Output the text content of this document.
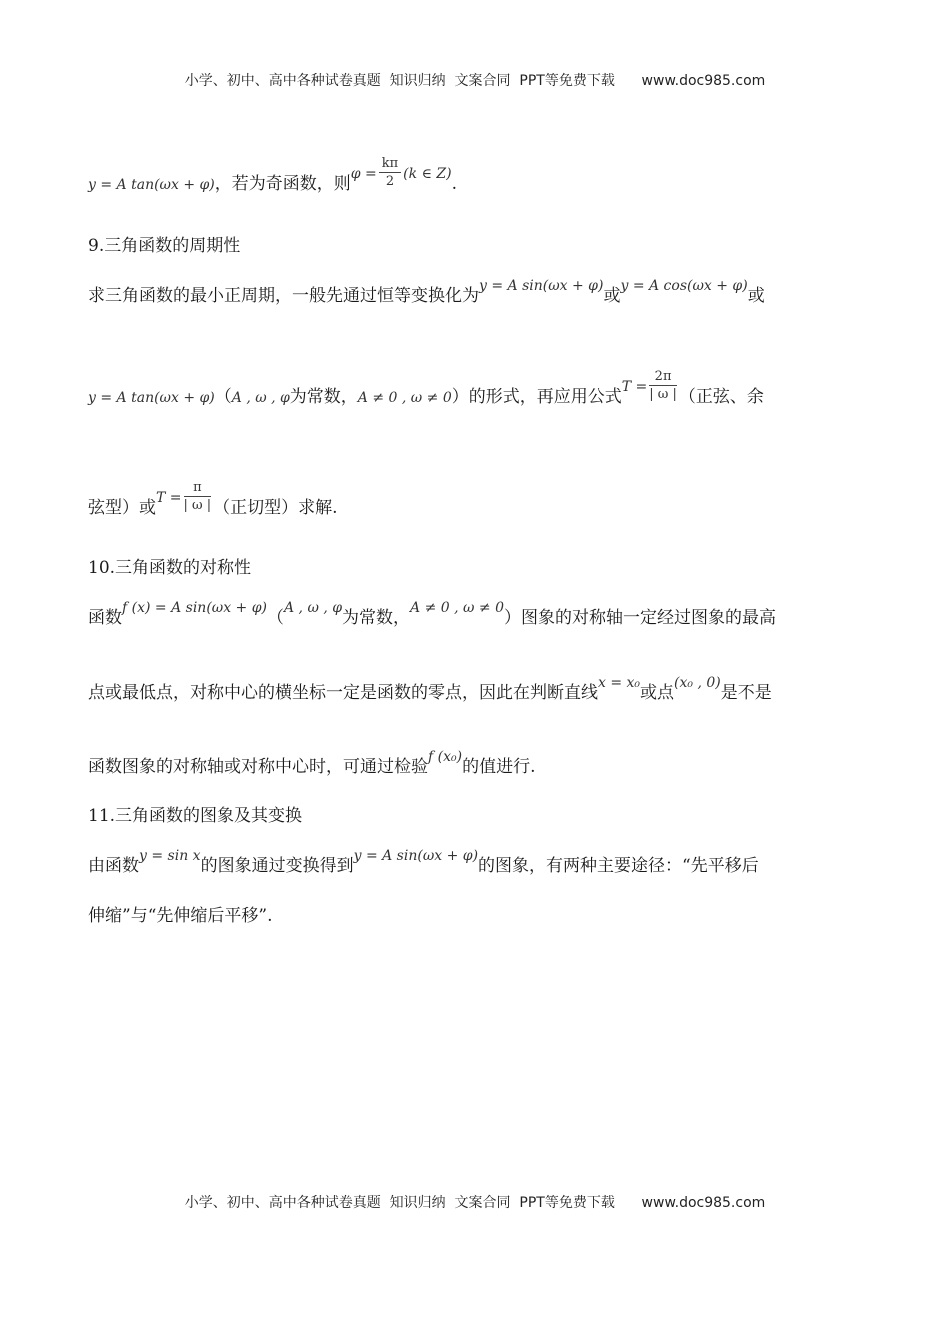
小学、初中、高中各种试卷真题  知识归纳  文案合同  PPT等免费下载 www.doc985.com
y = A tan(ωx + φ)，若为奇函数，则$^{\varphi =} \frac{k\pi}{2} ^{(k \in Z)}$.
9.三角函数的周期性
求三角函数的最小正周期，一般先通过恒等变换化为$^{y = A sin(\omega x + \varphi)}$或$^{y = A cos(\omega x + \varphi)}$或
y = A tan(ωx + φ)（A , ω , φ为常数，A ≠ 0 , ω ≠ 0）的形式，再应用公式$^{T =} \frac{2\pi}{| \omega |}$ （正弦、余
弦型）或$^{T =} \frac{\pi}{| \omega |}$ （正切型）求解.
10.三角函数的对称性
函数$^{f (x) = A sin(\omega x + \varphi)}$（$^{A , \omega , \varphi}$为常数，$^{A \ne 0 , \omega \ne 0}$）图象的对称轴一定经过图象的最高
点或最低点，对称中心的横坐标一定是函数的零点，因此在判断直线$^{x = x_0}$或点$^{(x_0 , 0)}$是不是
函数图象的对称轴或对称中心时，可通过检验$^{f (x_0)}$的值进行.
11.三角函数的图象及其变换
由函数$^{y = sin x}$的图象通过变换得到$^{y = A sin(\omega x + \varphi)}$的图象，有两种主要途径：“先平移后
伸缩”与“先伸缩后平移”.
小学、初中、高中各种试卷真题  知识归纳  文案合同  PPT等免费下载 www.doc985.com
